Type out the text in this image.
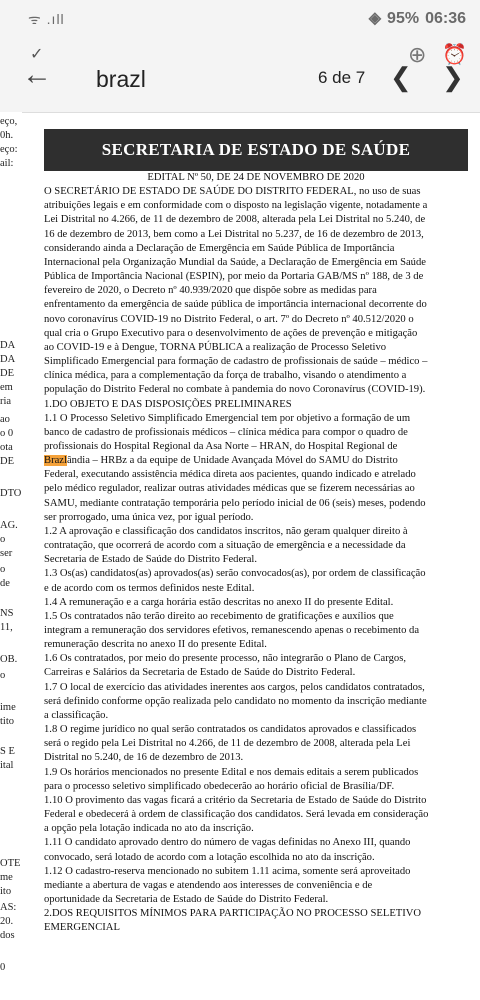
ᯤ .ıll	◈ 95% 06:36
✓
← brazl	6 de 7
⊕ ⏰
❮ ❯
eço,
0h.
eço:
ail:
DA
DA
DE
em
ria
ao
o 0
ota
DE
DTO
AG.
o
ser
o
de
NS
11,
OB.
o
ime
tito
S E
ital
OTE
me
ito
AS:
20.
dos
0
SECRETARIA DE ESTADO DE SAÚDE

EDITAL Nº 50, DE 24 DE NOVEMBRO DE 2020

O SECRETÁRIO DE ESTADO DE SAÚDE DO DISTRITO FEDERAL, no uso de suas

atribuições legais e em conformidade com o disposto na legislação vigente, notadamente a

Lei Distrital no 4.266, de 11 de dezembro de 2008, alterada pela Lei Distrital no 5.240, de

16 de dezembro de 2013, bem como a Lei Distrital no 5.237, de 16 de dezembro de 2013,

considerando ainda a Declaração de Emergência em Saúde Pública de Importância

Internacional pela Organização Mundial da Saúde, a Declaração de Emergência em Saúde

Pública de Importância Nacional (ESPIN), por meio da Portaria GAB/MS nº 188, de 3 de

fevereiro de 2020, o Decreto nº 40.939/2020 que dispõe sobre as medidas para

enfrentamento da emergência de saúde pública de importância internacional decorrente do

novo coronavírus COVID-19 no Distrito Federal, o art. 7º do Decreto nº 40.512/2020 o

qual cria o Grupo Executivo para o desenvolvimento de ações de prevenção e mitigação

ao COVID-19 e à Dengue, TORNA PÚBLICA a realização de Processo Seletivo

Simplificado Emergencial para formação de cadastro de profissionais de saúde – médico –

clínica médica, para a complementação da força de trabalho, visando o atendimento a

população do Distrito Federal no combate à pandemia do novo Coronavírus (COVID-19).

1.DO OBJETO E DAS DISPOSIÇÕES PRELIMINARES

1.1 O Processo Seletivo Simplificado Emergencial tem por objetivo a formação de um

banco de cadastro de profissionais médicos – clínica médica para compor o quadro de

profissionais do Hospital Regional da Asa Norte – HRAN, do Hospital Regional de

Brazlândia – HRBz a da equipe de Unidade Avançada Móvel do SAMU do Distrito

Federal, executando assistência médica direta aos pacientes, quando indicado e atrelado

pelo médico regulador, realizar outras atividades médicas que se fizerem necessárias ao

SAMU, mediante contratação temporária pelo período inicial de 06 (seis) meses, podendo

ser prorrogado, uma única vez, por igual período.

1.2 A aprovação e classificação dos candidatos inscritos, não geram qualquer direito à

contratação, que ocorrerá de acordo com a situação de emergência e a necessidade da

Secretaria de Estado de Saúde do Distrito Federal.

1.3 Os(as) candidatos(as) aprovados(as) serão convocados(as), por ordem de classificação

e de acordo com os termos definidos neste Edital.

1.4 A remuneração e a carga horária estão descritas no anexo II do presente Edital.

1.5 Os contratados não terão direito ao recebimento de gratificações e auxílios que

integram a remuneração dos servidores efetivos, remanescendo apenas o recebimento da

remuneração descrita no anexo II do presente Edital.

1.6 Os contratados, por meio do presente processo, não integrarão o Plano de Cargos,

Carreiras e Salários da Secretaria de Estado de Saúde do Distrito Federal.

1.7 O local de exercício das atividades inerentes aos cargos, pelos candidatos contratados,

será definido conforme opção realizada pelo candidato no momento da inscrição mediante

a classificação.

1.8 O regime jurídico no qual serão contratados os candidatos aprovados e classificados

será o regido pela Lei Distrital no 4.266, de 11 de dezembro de 2008, alterada pela Lei

Distrital no 5.240, de 16 de dezembro de 2013.

1.9 Os horários mencionados no presente Edital e nos demais editais a serem publicados

para o processo seletivo simplificado obedecerão ao horário oficial de Brasília/DF.

1.10 O provimento das vagas ficará a critério da Secretaria de Estado de Saúde do Distrito

Federal e obedecerá à ordem de classificação dos candidatos. Será levada em consideração

a opção pela lotação indicada no ato da inscrição.

1.11 O candidato aprovado dentro do número de vagas definidas no Anexo III, quando

convocado, será lotado de acordo com a lotação escolhida no ato da inscrição.

1.12 O cadastro-reserva mencionado no subitem 1.11 acima, somente será aproveitado

mediante a abertura de vagas e atendendo aos interesses de conveniência e de

oportunidade da Secretaria de Estado de Saúde do Distrito Federal.

2.DOS REQUISITOS MÍNIMOS PARA PARTICIPAÇÃO NO PROCESSO SELETIVO

EMERGENCIAL
